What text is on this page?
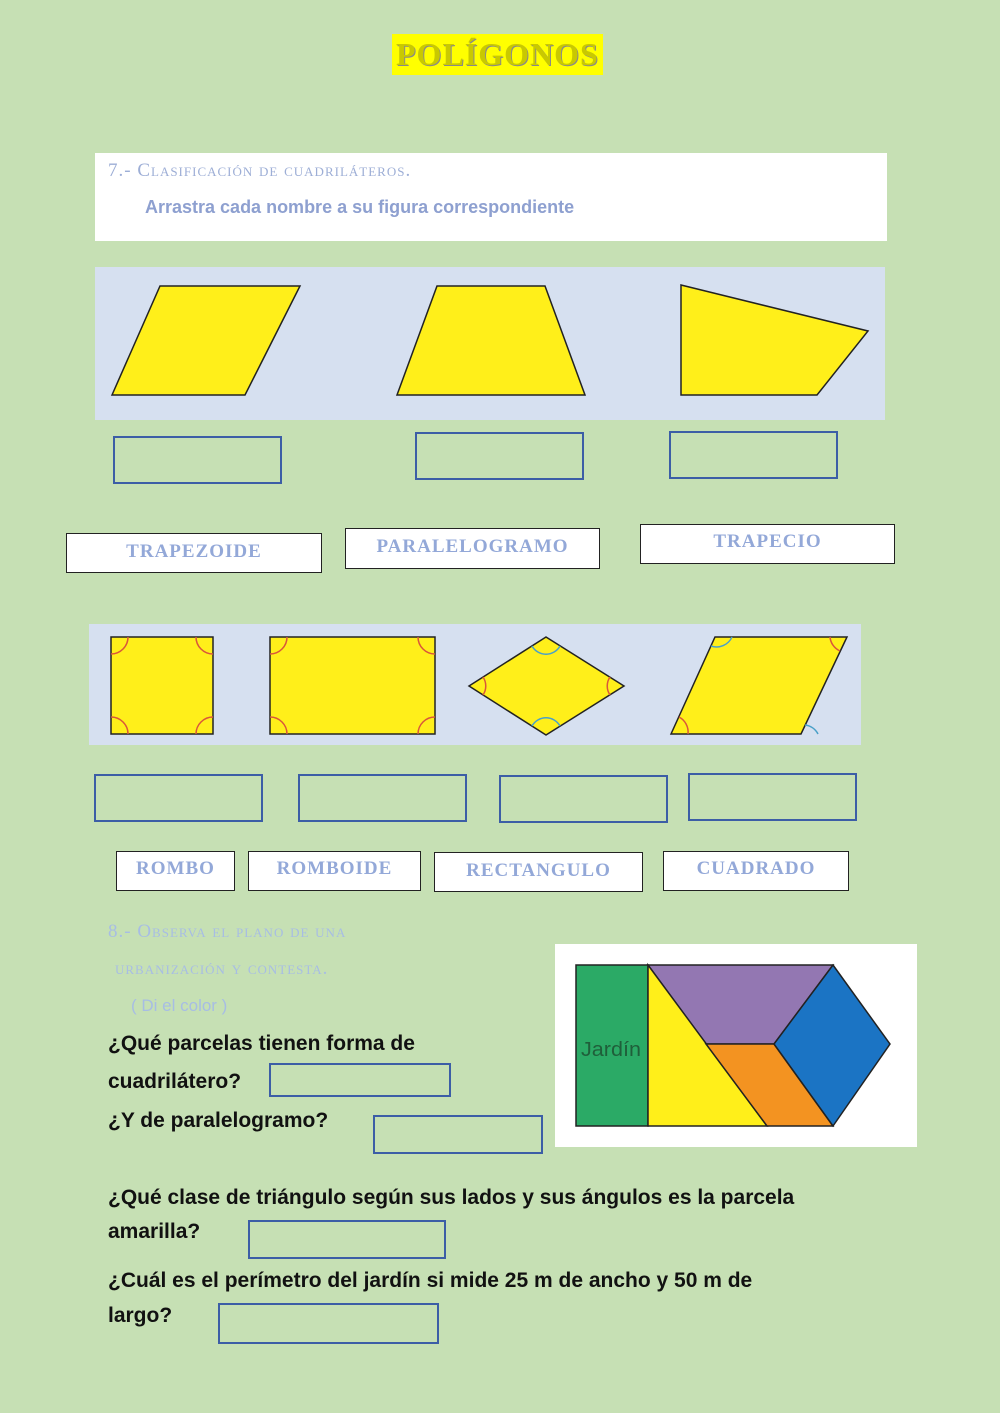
POLÍGONOS
7.- Clasificación de cuadriláteros.
Arrastra cada nombre a su figura correspondiente
TRAPEZOIDE	PARALELOGRAMO	TRAPECIO
ROMBO	ROMBOIDE	RECTANGULO	CUADRADO
8.- Observa el plano de una
urbanización y contesta.
( Di el color )
¿Qué parcelas tienen forma de
cuadrilátero?
¿Y de paralelogramo?
¿Qué clase de triángulo según sus lados y sus ángulos es la parcela
amarilla?
¿Cuál es el perímetro del jardín si mide 25 m de ancho y 50 m de
largo?
Jardín
